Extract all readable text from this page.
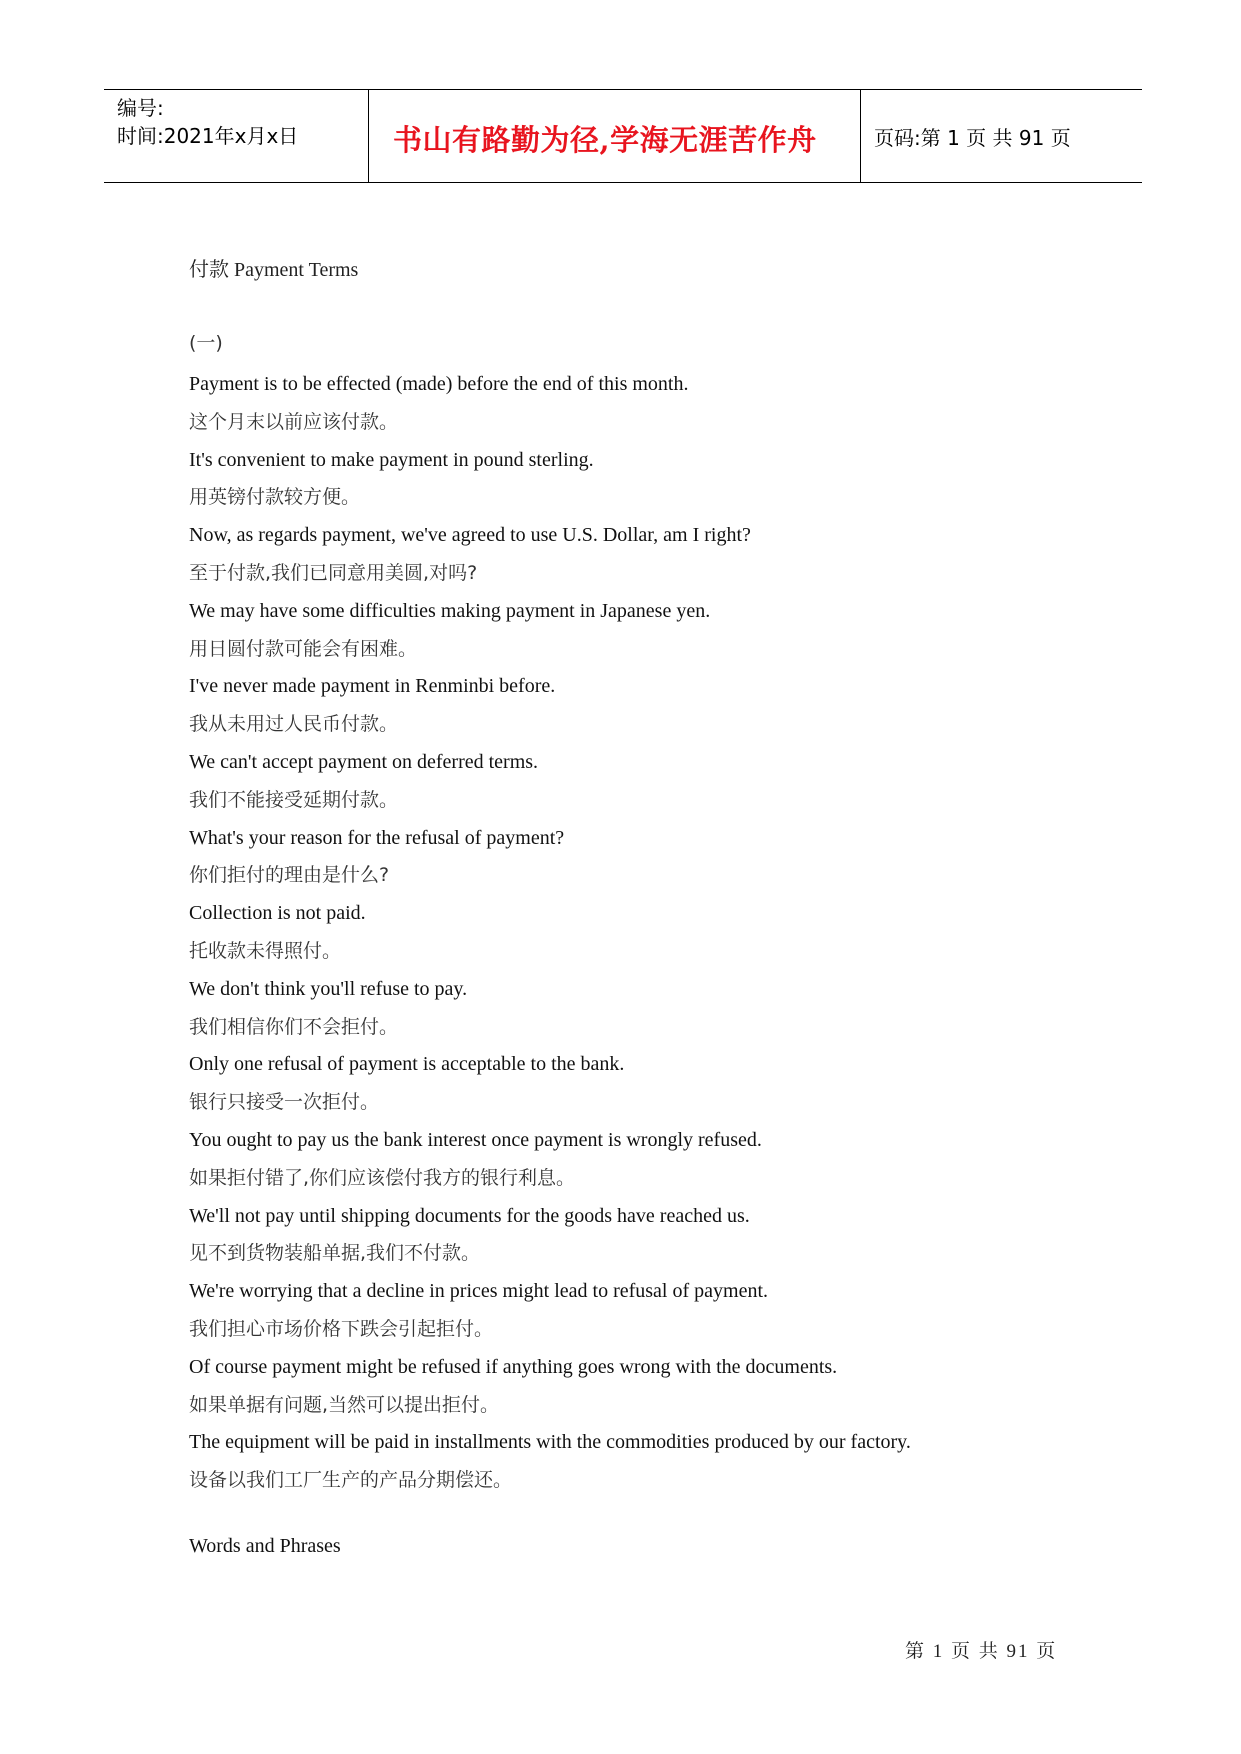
编号:
时间:2021年x月x日	书山有路勤为径,学海无涯苦作舟	页码:第 1 页 共 91 页
付款 Payment Terms
(一)
Payment is to be effected (made) before the end of this month.
这个月末以前应该付款。
It's convenient to make payment in pound sterling.
用英镑付款较方便。
Now, as regards payment, we've agreed to use U.S. Dollar, am I right?
至于付款,我们已同意用美圆,对吗?
We may have some difficulties making payment in Japanese yen.
用日圆付款可能会有困难。
I've never made payment in Renminbi before.
我从未用过人民币付款。
We can't accept payment on deferred terms.
我们不能接受延期付款。
What's your reason for the refusal of payment?
你们拒付的理由是什么?
Collection is not paid.
托收款未得照付。
We don't think you'll refuse to pay.
我们相信你们不会拒付。
Only one refusal of payment is acceptable to the bank.
银行只接受一次拒付。
You ought to pay us the bank interest once payment is wrongly refused.
如果拒付错了,你们应该偿付我方的银行利息。
We'll not pay until shipping documents for the goods have reached us.
见不到货物装船单据,我们不付款。
We're worrying that a decline in prices might lead to refusal of payment.
我们担心市场价格下跌会引起拒付。
Of course payment might be refused if anything goes wrong with the documents.
如果单据有问题,当然可以提出拒付。
The equipment will be paid in installments with the commodities produced by our factory.
设备以我们工厂生产的产品分期偿还。
Words and Phrases
第 1 页 共 91 页
